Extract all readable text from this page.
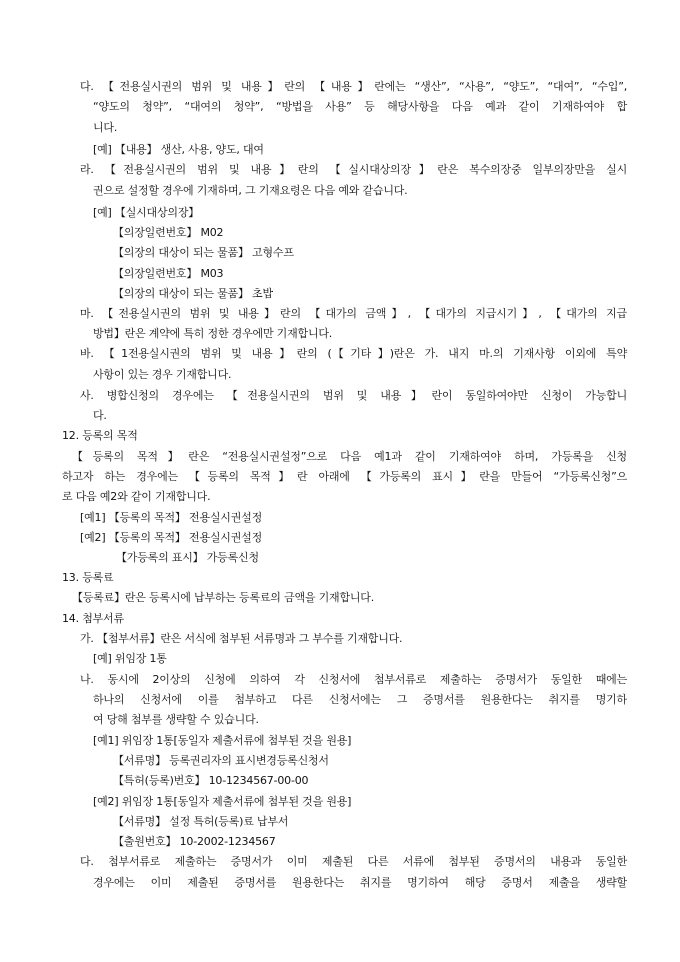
다. 【전용실시권의 범위 및 내용】란의 【내용】란에는 “생산”, “사용”, “양도”, “대여”, “수입”,

“양도의 청약”, “대여의 청약”, “방법을 사용” 등 해당사항을 다음 예과 같이 기재하여야 합

니다.

[예] 【내용】 생산, 사용, 양도, 대여

라. 【전용실시권의 범위 및 내용】란의 【실시대상의장】란은 복수의장중 일부의장만을 실시

권으로 설정할 경우에 기재하며, 그 기재요령은 다음 예와 같습니다.

[예] 【실시대상의장】

【의장일련번호】 M02

【의장의 대상이 되는 물품】 고형수프

【의장일련번호】 M03

【의장의 대상이 되는 물품】 초밥

마. 【전용실시권의 범위 및 내용】란의 【대가의 금액】, 【대가의 지급시기】, 【대가의 지급

방법】란은 계약에 특히 정한 경우에만 기재합니다.

바. 【1전용실시권의 범위 및 내용】란의 (【기타】)란은 가. 내지 마.의 기재사항 이외에 특약

사항이 있는 경우 기재합니다.

사. 병합신청의 경우에는 【전용실시권의 범위 및 내용】란이 동일하여야만 신청이 가능합니

다.

12. 등록의 목적

【등록의 목적】란은 “전용실시권설정”으로 다음 예1과 같이 기재하여야 하며, 가등록을 신청

하고자 하는 경우에는 【등록의 목적】란 아래에 【가등록의 표시】란을 만들어 “가등록신청”으

로 다음 예2와 같이 기재합니다.

[예1] 【등록의 목적】 전용실시권설정

[예2] 【등록의 목적】 전용실시권설정

【가등록의 표시】 가등록신청

13. 등록료

【등록료】란은 등록시에 납부하는 등록료의 금액을 기재합니다.

14. 첨부서류

가. 【첨부서류】란은 서식에 첨부된 서류명과 그 부수를 기재합니다.

[예] 위임장 1통

나. 동시에 2이상의 신청에 의하여 각 신청서에 첨부서류로 제출하는 증명서가 동일한 때에는

하나의 신청서에 이를 첨부하고 다른 신청서에는 그 증명서를 원용한다는 취지를 명기하

여 당해 첨부를 생략할 수 있습니다.

[예1] 위임장 1통[동일자 제출서류에 첨부된 것을 원용]

【서류명】 등록권리자의 표시변경등록신청서

【특허(등록)번호】 10-1234567-00-00

[예2] 위임장 1통[동일자 제출서류에 첨부된 것을 원용]

【서류명】 설정 특허(등록)료 납부서

【출원번호】 10-2002-1234567

다. 첨부서류로 제출하는 증명서가 이미 제출된 다른 서류에 첨부된 증명서의 내용과 동일한

경우에는 이미 제출된 증명서를 원용한다는 취지를 명기하여 해당 증명서 제출을 생략할
